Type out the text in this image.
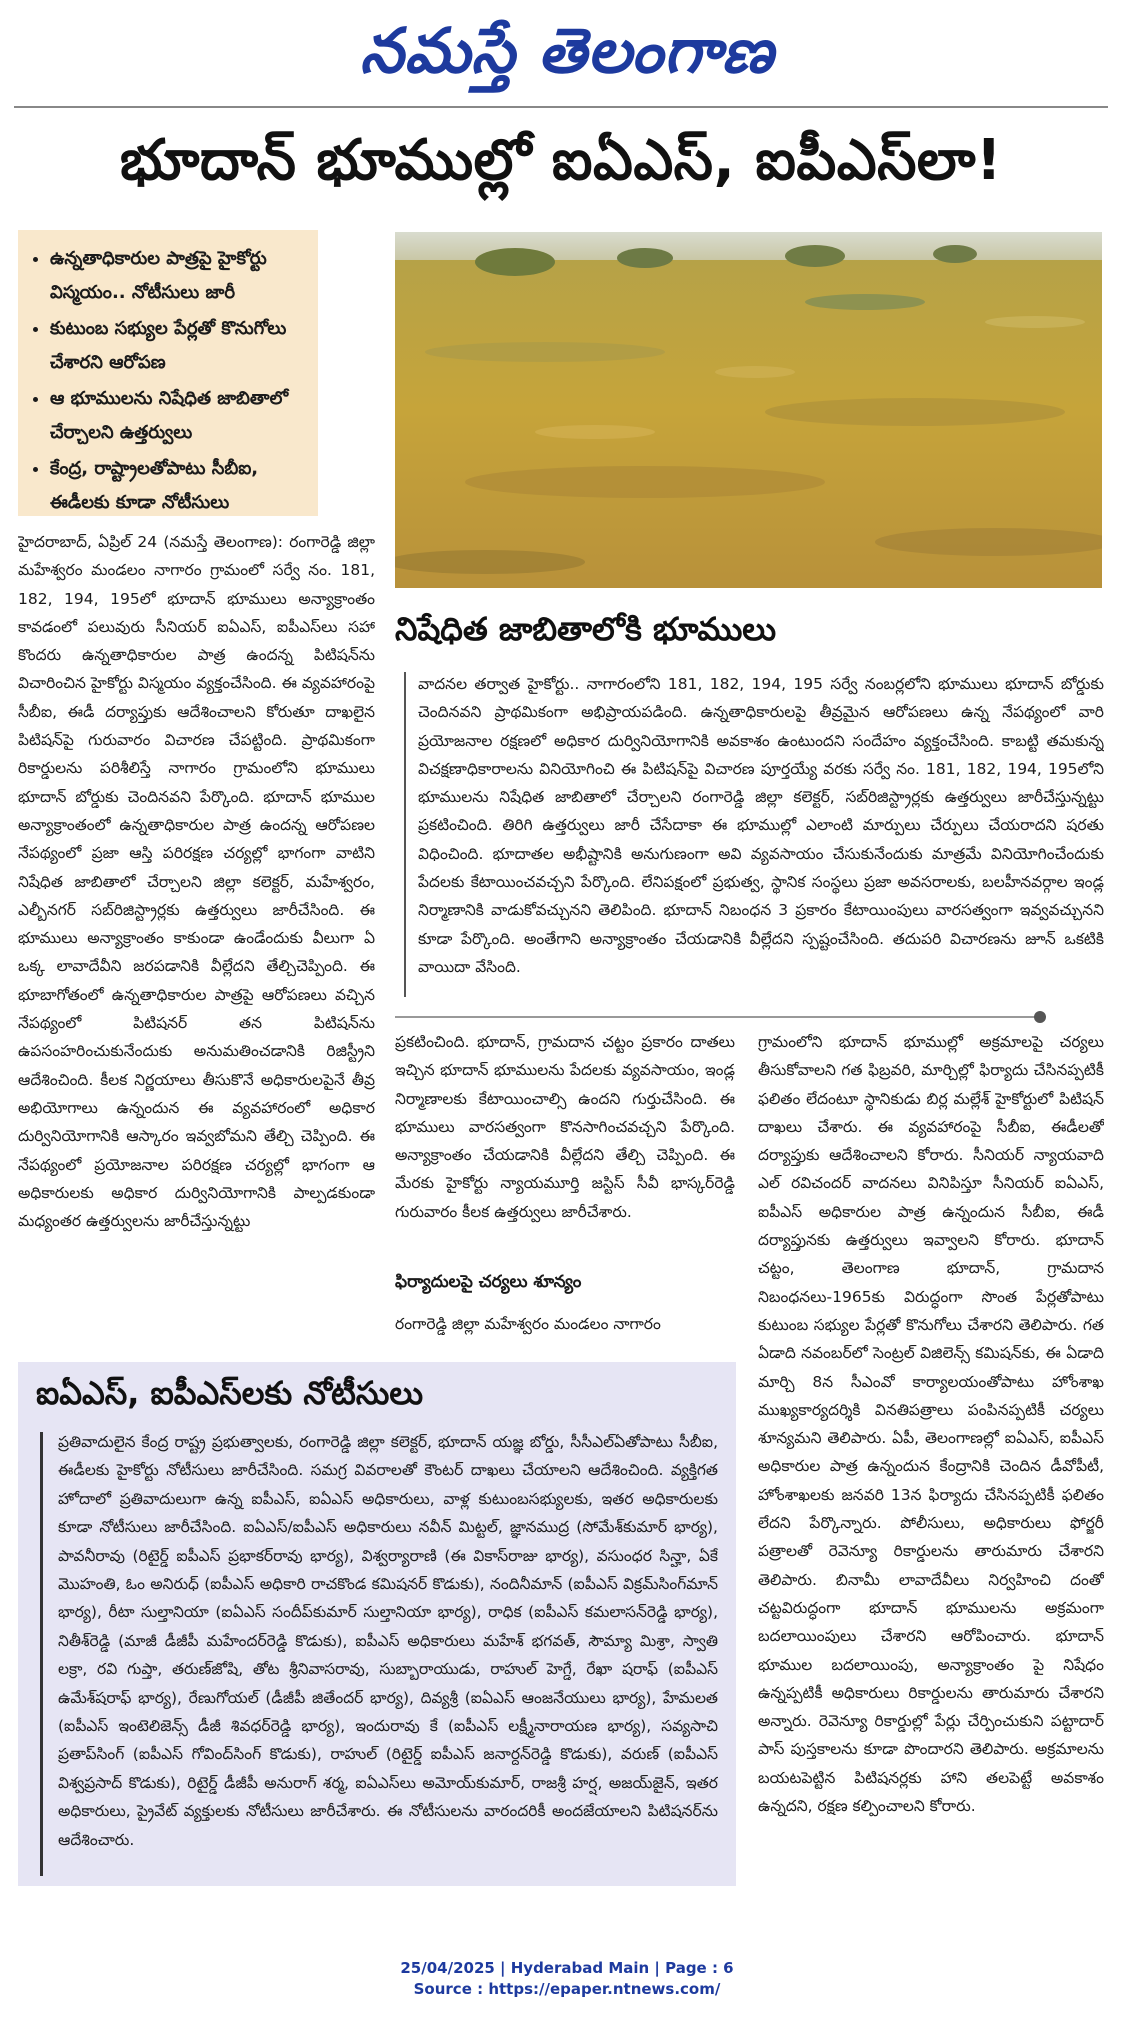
నమస్తే తెలంగాణ
భూదాన్ భూముల్లో ఐఏఎస్, ఐపీఎస్‌లా!
• ఉన్నతాధికారుల పాత్రపై హైకోర్టు విస్మయం.. నోటీసులు జారీ
• కుటుంబ సభ్యుల పేర్లతో కొనుగోలు చేశారని ఆరోపణ
• ఆ భూములను నిషేధిత జాబితాలో చేర్చాలని ఉత్తర్వులు
• కేంద్ర, రాష్ట్రాలతోపాటు సీబీఐ, ఈడీలకు కూడా నోటీసులు
నిషేధిత జాబితాలోకి భూములు
హైదరాబాద్, ఏప్రిల్ 24 (నమస్తే తెలంగాణ): రంగారెడ్డి జిల్లా మహేశ్వరం మండలం నాగారం గ్రామంలో సర్వే నం. 181, 182, 194, 195లో భూదాన్ భూములు అన్యాక్రాంతం కావడంలో పలువురు సీనియర్ ఐఏఎస్, ఐపీఎస్‌లు సహా కొందరు ఉన్నతాధికారుల పాత్ర ఉందన్న పిటిషన్‌ను విచారించిన హైకోర్టు విస్మయం వ్యక్తంచేసింది. ఈ వ్యవహారంపై సీబీఐ, ఈడీ దర్యాప్తుకు ఆదేశించాలని కోరుతూ దాఖలైన పిటిషన్‌పై గురువారం విచారణ చేపట్టింది. ప్రాథమికంగా రికార్డులను పరిశీలిస్తే నాగారం గ్రామంలోని భూములు భూదాన్ బోర్డుకు చెందినవని పేర్కొంది. భూదాన్ భూముల అన్యాక్రాంతంలో ఉన్నతాధికారుల పాత్ర ఉందన్న ఆరోపణల నేపథ్యంలో ప్రజా ఆస్తి పరిరక్షణ చర్యల్లో భాగంగా వాటిని నిషేధిత జాబితాలో చేర్చాలని జిల్లా కలెక్టర్, మహేశ్వరం, ఎల్బీనగర్ సబ్‌రిజిస్ట్రార్లకు ఉత్తర్వులు జారీచేసింది. ఈ భూములు అన్యాక్రాంతం కాకుండా ఉండేందుకు వీలుగా ఏ ఒక్క లావాదేవీని జరపడానికి వీల్లేదని తేల్చిచెప్పింది. ఈ భూబాగోతంలో ఉన్నతాధికారుల పాత్రపై ఆరోపణలు వచ్చిన నేపథ్యంలో పిటిషనర్ తన పిటిషన్‌ను ఉపసంహరించుకునేందుకు అనుమతించడానికి రిజిస్ట్రీని ఆదేశించింది. కీలక నిర్ణయాలు తీసుకొనే అధికారులపైనే తీవ్ర అభియోగాలు ఉన్నందున ఈ వ్యవహారంలో అధికార దుర్వినియోగానికి ఆస్కారం ఇవ్వబోమని తేల్చి చెప్పింది. ఈ నేపథ్యంలో ప్రయోజనాల పరిరక్షణ చర్యల్లో భాగంగా ఆ అధికారులకు అధికార దుర్వినియోగానికి పాల్పడకుండా మధ్యంతర ఉత్తర్వులను జారీచేస్తున్నట్టు
వాదనల తర్వాత హైకోర్టు.. నాగారంలోని 181, 182, 194, 195 సర్వే నంబర్లలోని భూములు భూదాన్ బోర్డుకు చెందినవని ప్రాథమికంగా అభిప్రాయపడింది. ఉన్నతాధికారులపై తీవ్రమైన ఆరోపణలు ఉన్న నేపథ్యంలో వారి ప్రయోజనాల రక్షణలో అధికార దుర్వినియోగానికి అవకాశం ఉంటుందని సందేహం వ్యక్తంచేసింది. కాబట్టి తమకున్న విచక్షణాధికారాలను వినియోగించి ఈ పిటిషన్‌పై విచారణ పూర్తయ్యే వరకు సర్వే నం. 181, 182, 194, 195లోని భూములను నిషేధిత జాబితాలో చేర్చాలని రంగారెడ్డి జిల్లా కలెక్టర్, సబ్‌రిజిస్ట్రార్లకు ఉత్తర్వులు జారీచేస్తున్నట్టు ప్రకటించింది. తిరిగి ఉత్తర్వులు జారీ చేసేదాకా ఈ భూముల్లో ఎలాంటి మార్పులు చేర్పులు చేయరాదని షరతు విధించింది. భూదాతల అభీష్టానికి అనుగుణంగా అవి వ్యవసాయం చేసుకునేందుకు మాత్రమే వినియోగించేందుకు పేదలకు కేటాయించవచ్చని పేర్కొంది. లేనిపక్షంలో ప్రభుత్వ, స్థానిక సంస్థలు ప్రజా అవసరాలకు, బలహీనవర్గాల ఇండ్ల నిర్మాణానికి వాడుకోవచ్చునని తెలిపింది. భూదాన్ నిబంధన 3 ప్రకారం కేటాయింపులు వారసత్వంగా ఇవ్వవచ్చునని కూడా పేర్కొంది. అంతేగాని అన్యాక్రాంతం చేయడానికి వీల్లేదని స్పష్టంచేసింది. తదుపరి విచారణను జూన్ ఒకటికి వాయిదా వేసింది.
ప్రకటించింది. భూదాన్, గ్రామదాన చట్టం ప్రకారం దాతలు ఇచ్చిన భూదాన్ భూములను పేదలకు వ్యవసాయం, ఇండ్ల నిర్మాణాలకు కేటాయించాల్సి ఉందని గుర్తుచేసింది. ఈ భూములు వారసత్వంగా కొనసాగించవచ్చని పేర్కొంది. అన్యాక్రాంతం చేయడానికి వీల్లేదని తేల్చి చెప్పింది. ఈ మేరకు హైకోర్టు న్యాయమూర్తి జస్టిస్ సీవీ భాస్కర్‌రెడ్డి గురువారం కీలక ఉత్తర్వులు జారీచేశారు.
ఫిర్యాదులపై చర్యలు శూన్యం
రంగారెడ్డి జిల్లా మహేశ్వరం మండలం నాగారం
గ్రామంలోని భూదాన్ భూముల్లో అక్రమాలపై చర్యలు తీసుకోవాలని గత ఫిబ్రవరి, మార్చిల్లో ఫిర్యాదు చేసినప్పటికీ ఫలితం లేదంటూ స్థానికుడు బిర్ల మల్లేశ్ హైకోర్టులో పిటిషన్ దాఖలు చేశారు. ఈ వ్యవహారంపై సీబీఐ, ఈడీలతో దర్యాప్తుకు ఆదేశించాలని కోరారు. సీనియర్ న్యాయవాది ఎల్ రవిచందర్ వాదనలు వినిపిస్తూ సీనియర్ ఐఏఎస్, ఐపీఎస్ అధికారుల పాత్ర ఉన్నందున సీబీఐ, ఈడీ దర్యాప్తునకు ఉత్తర్వులు ఇవ్వాలని కోరారు. భూదాన్ చట్టం, తెలంగాణ భూదాన్, గ్రామదాన నిబంధనలు-1965కు విరుద్ధంగా సొంత పేర్లతోపాటు కుటుంబ సభ్యుల పేర్లతో కొనుగోలు చేశారని తెలిపారు. గత ఏడాది నవంబర్‌లో సెంట్రల్ విజిలెన్స్ కమిషన్‌కు, ఈ ఏడాది మార్చి 8న సీఎంవో కార్యాలయంతోపాటు హోంశాఖ ముఖ్యకార్యదర్శికి వినతిపత్రాలు పంపినప్పటికీ చర్యలు శూన్యమని తెలిపారు. ఏపీ, తెలంగాణల్లో ఐఏఎస్, ఐపీఎస్ అధికారుల పాత్ర ఉన్నందున కేంద్రానికి చెందిన డీవోపీటీ, హోంశాఖలకు జనవరి 13న ఫిర్యాదు చేసినప్పటికీ ఫలితం లేదని పేర్కొన్నారు. పోలీసులు, అధికారులు ఫోర్జరీ పత్రాలతో రెవెన్యూ రికార్డులను తారుమారు చేశారని తెలిపారు. బినామీ లావాదేవీలు నిర్వహించి దంతో చట్టవిరుద్ధంగా భూదాన్ భూములను అక్రమంగా బదలాయింపులు చేశారని ఆరోపించారు. భూదాన్ భూముల బదలాయింపు, అన్యాక్రాంతం పై నిషేధం ఉన్నప్పటికీ అధికారులు రికార్డులను తారుమారు చేశారని అన్నారు. రెవెన్యూ రికార్డుల్లో పేర్లు చేర్పించుకుని పట్టాదార్ పాస్ పుస్తకాలను కూడా పొందారని తెలిపారు. అక్రమాలను బయటపెట్టిన పిటిషనర్లకు హాని తలపెట్టే అవకాశం ఉన్నదని, రక్షణ కల్పించాలని కోరారు.
ఐఏఎస్, ఐపీఎస్‌లకు నోటీసులు
ప్రతివాదులైన కేంద్ర రాష్ట్ర ప్రభుత్వాలకు, రంగారెడ్డి జిల్లా కలెక్టర్, భూదాన్ యజ్ఞ బోర్డు, సీసీఎల్ఏతోపాటు సీబీఐ, ఈడీలకు హైకోర్టు నోటీసులు జారీచేసింది. సమగ్ర వివరాలతో కౌంటర్ దాఖలు చేయాలని ఆదేశించింది. వ్యక్తిగత హోదాలో ప్రతివాదులుగా ఉన్న ఐపీఎస్, ఐఏఎస్ అధికారులు, వాళ్ల కుటుంబసభ్యులకు, ఇతర అధికారులకు కూడా నోటీసులు జారీచేసింది. ఐఏఎస్/ఐపీఎస్ అధికారులు నవీన్ మిట్టల్, జ్ఞానముద్ర (సోమేశ్‌కుమార్ భార్య), పావనీరావు (రిటైర్డ్ ఐపీఎస్ ప్రభాకర్‌రావు భార్య), విశ్వర్యారాణి (ఈ వికాస్‌రాజు భార్య), వసుంధర సిన్హా, ఏకే మొహంతి, ఓం అనిరుధ్ (ఐపీఎస్ అధికారి రాచకొండ కమిషనర్ కొడుకు), నందినీమాన్ (ఐపీఎస్ విక్రమ్‌సింగ్‌మాన్ భార్య), రీటా సుల్తానియా (ఐఏఎస్ సందీప్‌కుమార్ సుల్తానియా భార్య), రాధిక (ఐపీఎస్ కమలాసన్‌రెడ్డి భార్య), నితీశ్‌రెడ్డి (మాజీ డీజీపీ మహేందర్‌రెడ్డి కొడుకు), ఐపీఎస్ అధికారులు మహేశ్ భగవత్, సౌమ్యా మిశ్రా, స్వాతి లక్రా, రవి గుప్తా, తరుణ్‌జోషి, తోట శ్రీనివాసరావు, సుబ్బారాయుడు, రాహుల్ హెగ్డే, రేఖా షరాఫ్ (ఐపీఎస్ ఉమేశ్‌షరాఫ్ భార్య), రేణుగోయల్ (డీజీపీ జితేందర్ భార్య), దివ్యశ్రీ (ఐఏఎస్ ఆంజనేయులు భార్య), హేమలత (ఐపీఎస్ ఇంటెలిజెన్స్ డీజీ శివధర్‌రెడ్డి భార్య), ఇందురావు కే (ఐపీఎస్ లక్ష్మీనారాయణ భార్య), సవ్యసాచి ప్రతాప్‌సింగ్ (ఐపీఎస్ గోవింద్‌సింగ్ కొడుకు), రాహుల్ (రిటైర్డ్ ఐపీఎస్ జనార్దన్‌రెడ్డి కొడుకు), వరుణ్ (ఐపీఎస్ విశ్వప్రసాద్ కొడుకు), రిటైర్డ్ డీజీపీ అనురాగ్ శర్మ, ఐఏఎస్‌లు అమోయ్‌కుమార్, రాజశ్రీ హర్ష, అజయ్‌జైన్, ఇతర అధికారులు, ప్రైవేట్ వ్యక్తులకు నోటీసులు జారీచేశారు. ఈ నోటీసులను వారందరికీ అందజేయాలని పిటిషనర్‌ను ఆదేశించారు.
25/04/2025 | Hyderabad Main | Page : 6
Source : https://epaper.ntnews.com/
